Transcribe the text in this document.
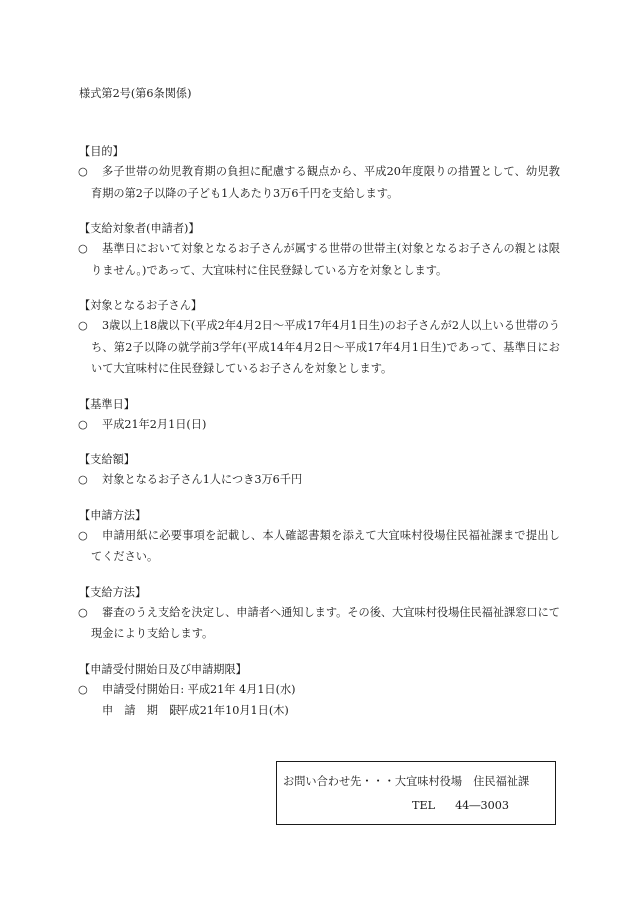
様式第2号(第6条関係)
【目的】
○	多子世帯の幼児教育期の負担に配慮する観点から、平成20年度限りの措置として、幼児教育期の第2子以降の子ども1人あたり3万6千円を支給します。
【支給対象者(申請者)】
○	基準日において対象となるお子さんが属する世帯の世帯主(対象となるお子さんの親とは限りません。)であって、大宜味村に住民登録している方を対象とします。
【対象となるお子さん】
○	3歳以上18歳以下(平成2年4月2日～平成17年4月1日生)のお子さんが2人以上いる世帯のうち、第2子以降の就学前3学年(平成14年4月2日～平成17年4月1日生)であって、基準日において大宜味村に住民登録しているお子さんを対象とします。
【基準日】
○	平成21年2月1日(日)
【支給額】
○	対象となるお子さん1人につき3万6千円
【申請方法】
○	申請用紙に必要事項を記載し、本人確認書類を添えて大宜味村役場住民福祉課まで提出してください。
【支給方法】
○	審査のうえ支給を決定し、申請者へ通知します。その後、大宜味村役場住民福祉課窓口にて現金により支給します。
【申請受付開始日及び申請期限】
○	申請受付開始日: 平成21年 4月1日(水)
申　請　期　限: 平成21年10月1日(木)
お問い合わせ先・・・大宜味村役場　住民福祉課
TEL 44―3003
